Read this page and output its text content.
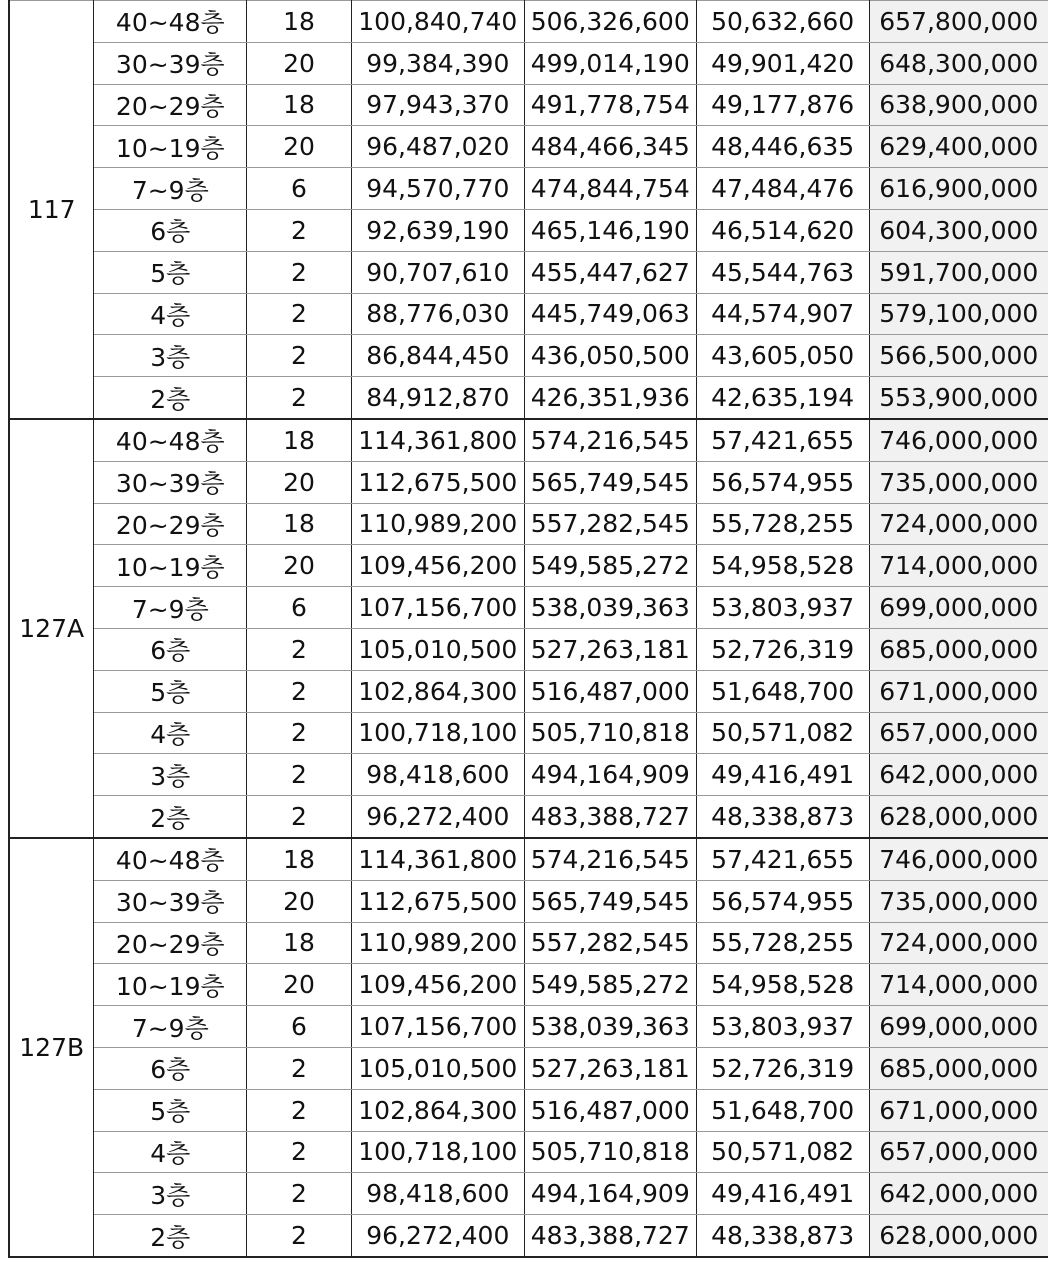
117	40~48층	18	100,840,740	506,326,600	50,632,660	657,800,000
	30~39층	20	99,384,390	499,014,190	49,901,420	648,300,000
	20~29층	18	97,943,370	491,778,754	49,177,876	638,900,000
	10~19층	20	96,487,020	484,466,345	48,446,635	629,400,000
	7~9층	6	94,570,770	474,844,754	47,484,476	616,900,000
	6층	2	92,639,190	465,146,190	46,514,620	604,300,000
	5층	2	90,707,610	455,447,627	45,544,763	591,700,000
	4층	2	88,776,030	445,749,063	44,574,907	579,100,000
	3층	2	86,844,450	436,050,500	43,605,050	566,500,000
	2층	2	84,912,870	426,351,936	42,635,194	553,900,000
127A	40~48층	18	114,361,800	574,216,545	57,421,655	746,000,000
	30~39층	20	112,675,500	565,749,545	56,574,955	735,000,000
	20~29층	18	110,989,200	557,282,545	55,728,255	724,000,000
	10~19층	20	109,456,200	549,585,272	54,958,528	714,000,000
	7~9층	6	107,156,700	538,039,363	53,803,937	699,000,000
	6층	2	105,010,500	527,263,181	52,726,319	685,000,000
	5층	2	102,864,300	516,487,000	51,648,700	671,000,000
	4층	2	100,718,100	505,710,818	50,571,082	657,000,000
	3층	2	98,418,600	494,164,909	49,416,491	642,000,000
	2층	2	96,272,400	483,388,727	48,338,873	628,000,000
127B	40~48층	18	114,361,800	574,216,545	57,421,655	746,000,000
	30~39층	20	112,675,500	565,749,545	56,574,955	735,000,000
	20~29층	18	110,989,200	557,282,545	55,728,255	724,000,000
	10~19층	20	109,456,200	549,585,272	54,958,528	714,000,000
	7~9층	6	107,156,700	538,039,363	53,803,937	699,000,000
	6층	2	105,010,500	527,263,181	52,726,319	685,000,000
	5층	2	102,864,300	516,487,000	51,648,700	671,000,000
	4층	2	100,718,100	505,710,818	50,571,082	657,000,000
	3층	2	98,418,600	494,164,909	49,416,491	642,000,000
	2층	2	96,272,400	483,388,727	48,338,873	628,000,000
